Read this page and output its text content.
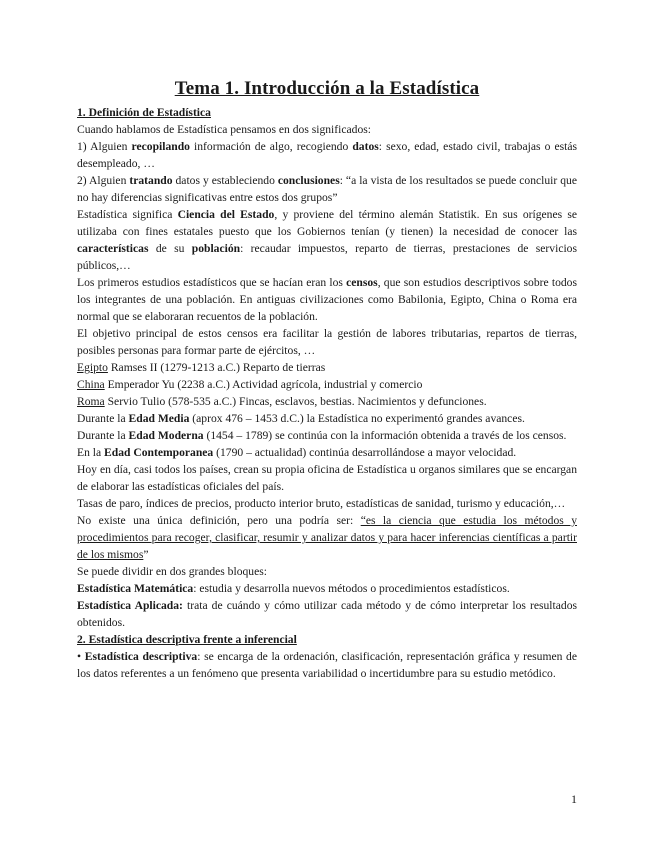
Tema 1. Introducción a la Estadística

1. Definición de Estadística

Cuando hablamos de Estadística pensamos en dos significados:

1) Alguien recopilando información de algo, recogiendo datos: sexo, edad, estado civil, trabajas o estás desempleado, …

2) Alguien tratando datos y estableciendo conclusiones: “a la vista de los resultados se puede concluir que no hay diferencias significativas entre estos dos grupos”

Estadística significa Ciencia del Estado, y proviene del término alemán Statistik. En sus orígenes se utilizaba con fines estatales puesto que los Gobiernos tenían (y tienen) la necesidad de conocer las características de su población: recaudar impuestos, reparto de tierras, prestaciones de servicios públicos,…

Los primeros estudios estadísticos que se hacían eran los censos, que son estudios descriptivos sobre todos los integrantes de una población. En antiguas civilizaciones como Babilonia, Egipto, China o Roma era normal que se elaboraran recuentos de la población.

El objetivo principal de estos censos era facilitar la gestión de labores tributarias, repartos de tierras, posibles personas para formar parte de ejércitos, …

Egipto Ramses II (1279-1213 a.C.) Reparto de tierras

China Emperador Yu (2238 a.C.) Actividad agrícola, industrial y comercio

Roma Servio Tulio (578-535 a.C.) Fincas, esclavos, bestias. Nacimientos y defunciones.

Durante la Edad Media (aprox 476 – 1453 d.C.) la Estadística no experimentó grandes avances.

Durante la Edad Moderna (1454 – 1789) se continúa con la información obtenida a través de los censos.

En la Edad Contemporanea (1790 – actualidad) continúa desarrollándose a mayor velocidad.

Hoy en día, casi todos los países, crean su propia oficina de Estadística u organos similares que se encargan de elaborar las estadísticas oficiales del país.

Tasas de paro, índices de precios, producto interior bruto, estadísticas de sanidad, turismo y educación,…

No existe una única definición, pero una podría ser: “es la ciencia que estudia los métodos y procedimientos para recoger, clasificar, resumir y analizar datos y para hacer inferencias científicas a partir de los mismos”

Se puede dividir en dos grandes bloques:

Estadística Matemática: estudia y desarrolla nuevos métodos o procedimientos estadísticos.

Estadística Aplicada: trata de cuándo y cómo utilizar cada método y de cómo interpretar los resultados obtenidos.

2. Estadística descriptiva frente a inferencial

• Estadística descriptiva: se encarga de la ordenación, clasificación, representación gráfica y resumen de los datos referentes a un fenómeno que presenta variabilidad o incertidumbre para su estudio metódico.

1
